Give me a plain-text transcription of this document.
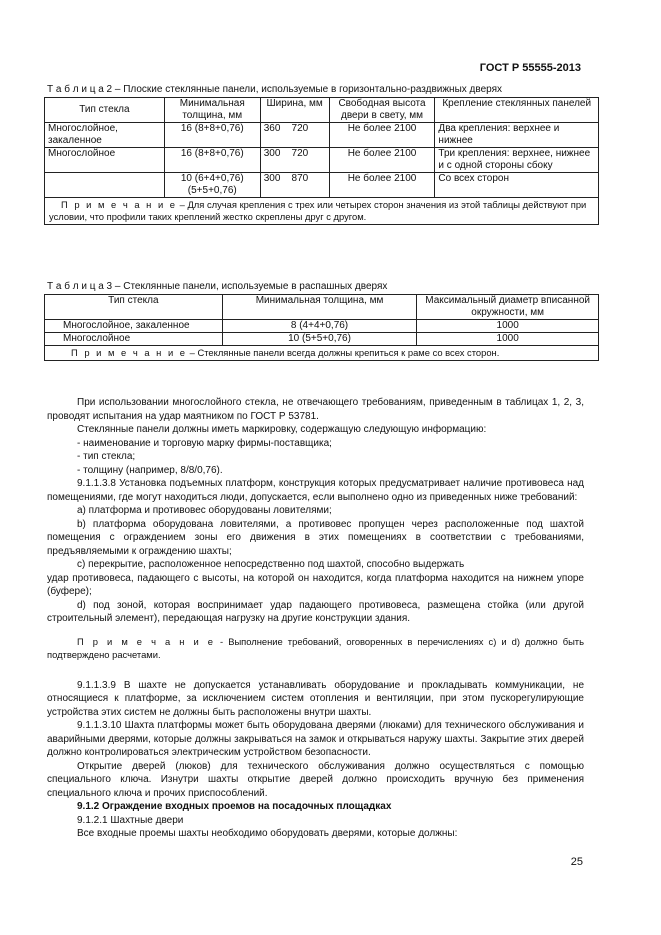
ГОСТ Р 55555-2013
Т а б л и ц а 2 – Плоские стеклянные панели, используемые в горизонтально-раздвижных дверях
Тип стекла	Минимальная толщина, мм	Ширина, мм	Свободная высота двери в свету, мм	Крепление стеклянных панелей
Многослойное, закаленное	16 (8+8+0,76)	360    720	Не более 2100	Два крепления: верхнее и нижнее
Многослойное	16 (8+8+0,76)	300    720	Не более 2100	Три крепления: верхнее, нижнее и с одной стороны сбоку
	10 (6+4+0,76) (5+5+0,76)	300    870	Не более 2100	Со всех сторон
П р и м е ч а н и е – Для случая крепления с трех или четырех сторон значения из этой таблицы действуют при условии, что профили таких креплений жестко скреплены друг с другом.				
Т а б л и ц а 3 – Стеклянные панели, используемые в распашных дверях
Тип стекла	Минимальная толщина, мм	Максимальный диаметр вписанной окружности, мм
Многослойное, закаленное	8 (4+4+0,76)	1000
Многослойное	10 (5+5+0,76)	1000
П р и м е ч а н и е – Стеклянные панели всегда должны крепиться к раме со всех сторон.		

При использовании многослойного стекла, не отвечающего требованиям, приведенным в таблицах 1, 2, 3, проводят испытания на удар маятником по ГОСТ Р 53781.

Стеклянные панели должны иметь маркировку, содержащую следующую информацию:

- наименование и торговую марку фирмы-поставщика;

- тип стекла;

- толщину (например, 8/8/0,76).

9.1.1.3.8 Установка подъемных платформ, конструкция которых предусматривает наличие противовеса над помещениями, где могут находиться люди, допускается, если выполнено одно из приведенных ниже требований:

а) платформа и противовес оборудованы ловителями;

b) платформа оборудована ловителями, а противовес пропущен через расположенные под шахтой помещения с ограждением зоны его движения в этих помещениях в соответствии с требованиями, предъявляемыми к ограждению шахты;

с) перекрытие, расположенное непосредственно под шахтой, способно выдержать

удар противовеса, падающего с высоты, на которой он находится, когда платформа находится на нижнем упоре (буфере);

d) под зоной, которая воспринимает удар падающего противовеса, размещена стойка (или другой строительный элемент), передающая нагрузку на другие конструкции здания.

П р и м е ч а н и е - Выполнение требований, оговоренных в перечислениях с) и d) должно быть подтверждено расчетами.

9.1.1.3.9 В шахте не допускается устанавливать оборудование и прокладывать коммуникации, не относящиеся к платформе, за исключением систем отопления и вентиляции, при этом пускорегулирующие устройства этих систем не должны быть расположены внутри шахты.

9.1.1.3.10 Шахта платформы может быть оборудована дверями (люками) для технического обслуживания и аварийными дверями, которые должны закрываться на замок и открываться наружу шахты. Закрытие этих дверей должно контролироваться электрическим устройством безопасности.

Открытие дверей (люков) для технического обслуживания должно осуществляться с помощью специального ключа. Изнутри шахты открытие дверей должно происходить вручную без применения специального ключа и прочих приспособлений.

9.1.2 Ограждение входных проемов на посадочных площадках

9.1.2.1 Шахтные двери

Все входные проемы шахты необходимо оборудовать дверями, которые должны:

25
